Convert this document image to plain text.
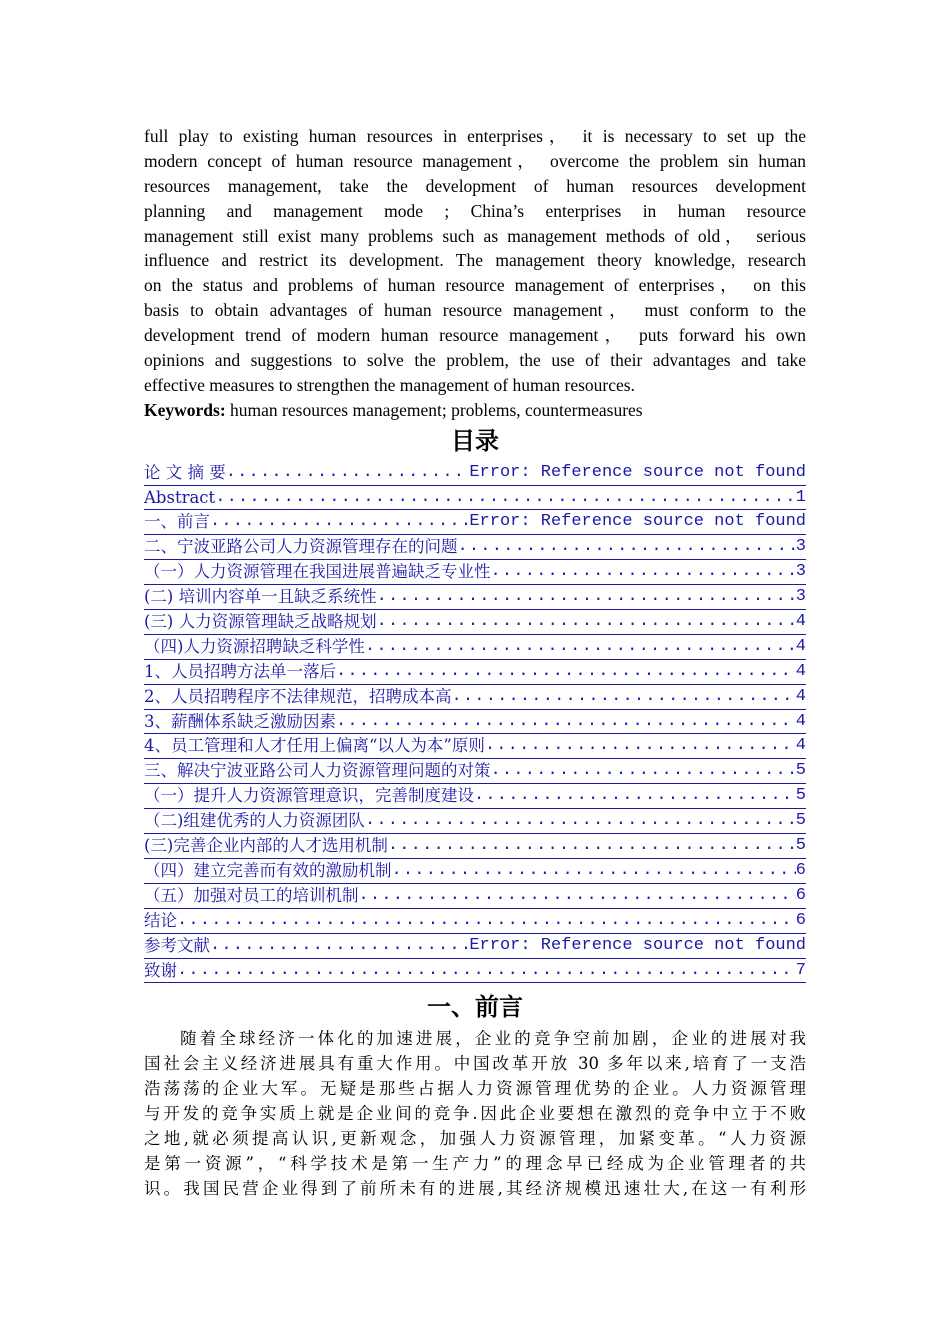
full play to existing human resources in enterprises， it is necessary to set up the
modern concept of human resource management， overcome the problem sin human
resources management, take the development of human resources development
planning and management mode ; China’s enterprises in human resource
management still exist many problems such as management methods of old， serious
influence and restrict its development. The management theory knowledge, research
on the status and problems of human resource management of enterprises， on this
basis to obtain advantages of human resource management， must conform to the
development trend of modern human resource management， puts forward his own
opinions and suggestions to solve the problem, the use of their advantages and take
effective measures to strengthen the management of human resources.
Keywords: human resources management; problems, countermeasures
目录
论 文 摘 要 .....	Error: Reference source not found
Abstract .....	1
一、前言 .....	Error: Reference source not found
二、宁波亚路公司人力资源管理存在的问题 .....	3
（一）人力资源管理在我国进展普遍缺乏专业性 .....	3
(二) 培训内容单一且缺乏系统性 .....	3
(三) 人力资源管理缺乏战略规划 .....	4
（四)人力资源招聘缺乏科学性 .....	4
1、人员招聘方法单一落后 .....	4
2、人员招聘程序不法律规范，招聘成本高 .....	4
3、薪酬体系缺乏激励因素 .....	4
4、员工管理和人才任用上偏离“以人为本”原则 .....	4
三、解决宁波亚路公司人力资源管理问题的对策 .....	5
（一）提升人力资源管理意识，完善制度建设 .....	5
（二)组建优秀的人力资源团队 .....	5
(三)完善企业内部的人才选用机制 .....	5
（四）建立完善而有效的激励机制 .....	6
（五）加强对员工的培训机制 .....	6
结论 .....	6
参考文献 .....	Error: Reference source not found
致谢 .....	7
一、前言
随着全球经济一体化的加速进展，企业的竞争空前加剧，企业的进展对我
国社会主义经济进展具有重大作用。中国改革开放 30 多年以来,培育了一支浩
浩荡荡的企业大军。无疑是那些占据人力资源管理优势的企业。人力资源管理
与开发的竞争实质上就是企业间的竞争.因此企业要想在激烈的竞争中立于不败
之地,就必须提高认识,更新观念，加强人力资源管理，加紧变革。“人力资源
是第一资源”，“科学技术是第一生产力”的理念早已经成为企业管理者的共
识。我国民营企业得到了前所未有的进展,其经济规模迅速壮大,在这一有利形
